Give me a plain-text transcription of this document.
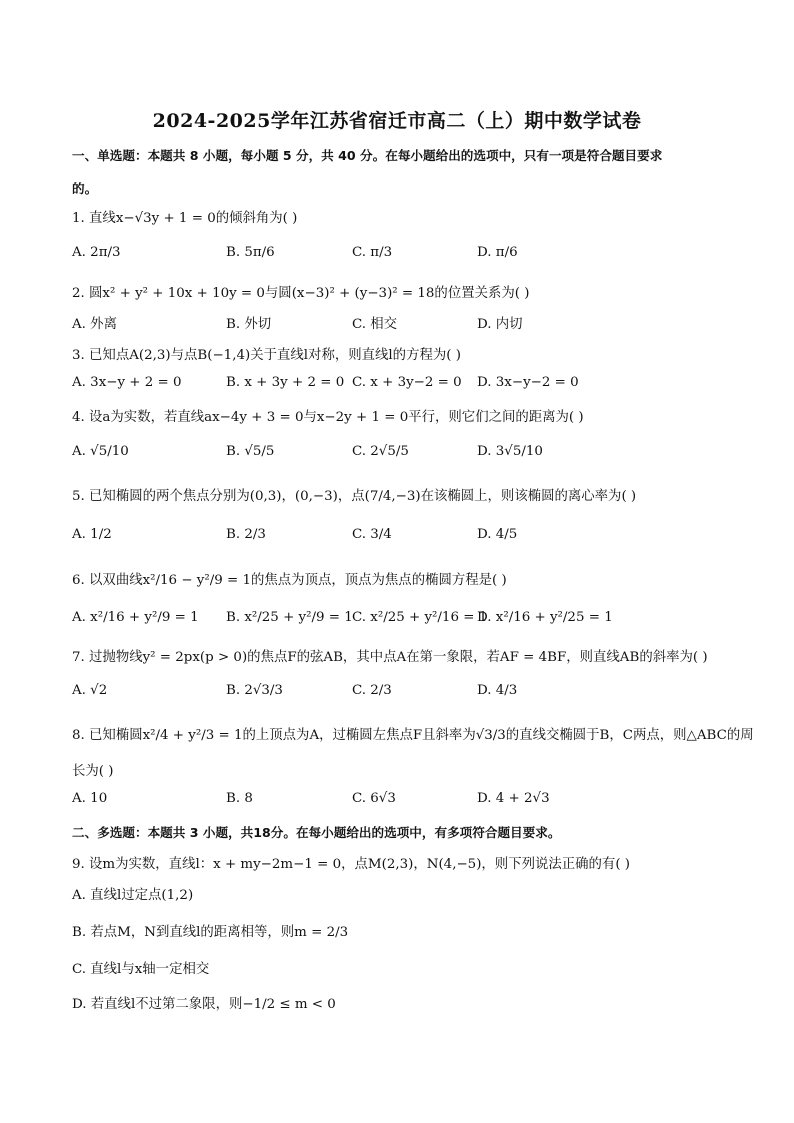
2024-2025学年江苏省宿迁市高二（上）期中数学试卷
一、单选题：本题共 8 小题，每小题 5 分，共 40 分。在每小题给出的选项中，只有一项是符合题目要求
的。
1. 直线x−√3y + 1 = 0的倾斜角为( )
A. 2π/3	B. 5π/6	C. π/3	D. π/6
2. 圆x² + y² + 10x + 10y = 0与圆(x−3)² + (y−3)² = 18的位置关系为( )
A. 外离	B. 外切	C. 相交	D. 内切
3. 已知点A(2,3)与点B(−1,4)关于直线l对称，则直线l的方程为( )
A. 3x−y + 2 = 0	B. x + 3y + 2 = 0 C. x + 3y−2 = 0 D. 3x−y−2 = 0
4. 设a为实数，若直线ax−4y + 3 = 0与x−2y + 1 = 0平行，则它们之间的距离为( )
A. √5/10	B. √5/5	C. 2√5/5	D. 3√5/10
5. 已知椭圆的两个焦点分别为(0,3)，(0,−3)，点(7/4,−3)在该椭圆上，则该椭圆的离心率为( )
A. 1/2	B. 2/3	C. 3/4	D. 4/5
6. 以双曲线x²/16 − y²/9 = 1的焦点为顶点，顶点为焦点的椭圆方程是( )
A. x²/16 + y²/9 = 1 B. x²/25 + y²/9 = 1 C. x²/25 + y²/16 = 1
D. x²/16 + y²/25 = 1
7. 过抛物线y² = 2px(p > 0)的焦点F的弦AB，其中点A在第一象限，若AF = 4BF，则直线AB的斜率为( )
A. √2	B. 2√3/3	C. 2/3	D. 4/3
8. 已知椭圆x²/4 + y²/3 = 1的上顶点为A，过椭圆左焦点F且斜率为√3/3的直线交椭圆于B，C两点，则△ABC的周
长为( )
A. 10	B. 8	C. 6√3	D. 4 + 2√3
二、多选题：本题共 3 小题，共18分。在每小题给出的选项中，有多项符合题目要求。
9. 设m为实数，直线l：x + my−2m−1 = 0，点M(2,3)，N(4,−5)，则下列说法正确的有( )
A. 直线l过定点(1,2)
B. 若点M，N到直线l的距离相等，则m = 2/3
C. 直线l与x轴一定相交
D. 若直线l不过第二象限，则−1/2 ≤ m < 0
